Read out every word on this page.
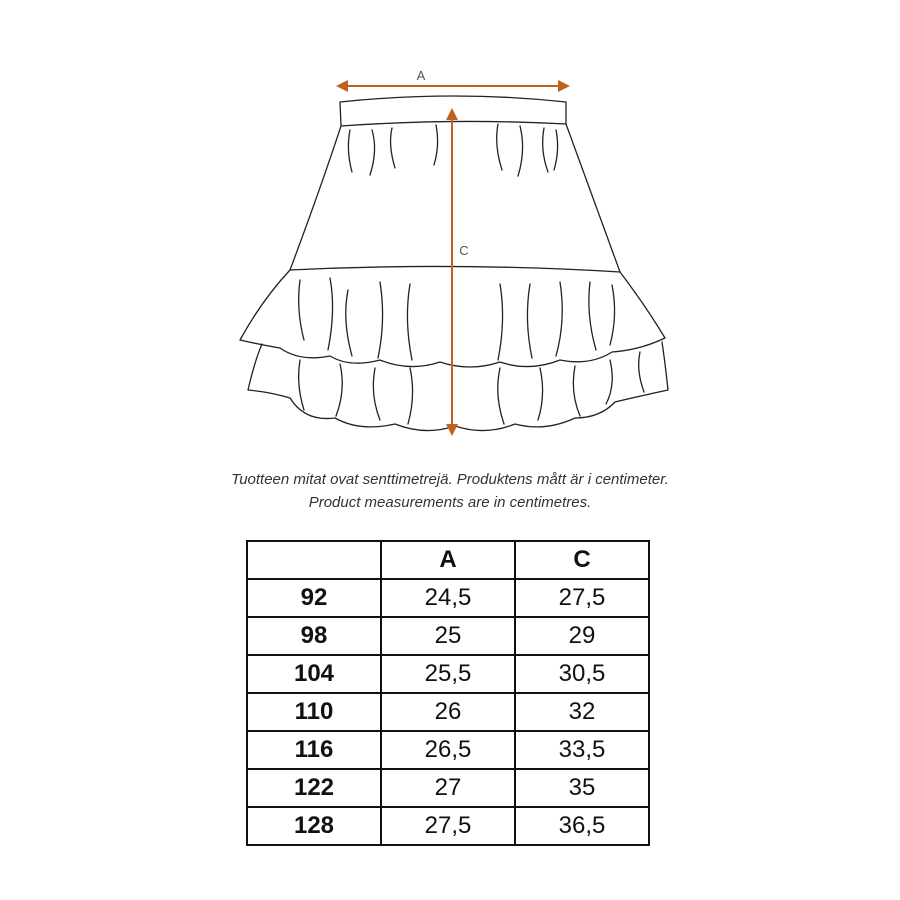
A
C
Tuotteen mitat ovat senttimetrejä. Produktens mått är i centimeter.
Product measurements are in centimetres.
	A	C
92	24,5	27,5
98	25	29
104	25,5	30,5
110	26	32
116	26,5	33,5
122	27	35
128	27,5	36,5
